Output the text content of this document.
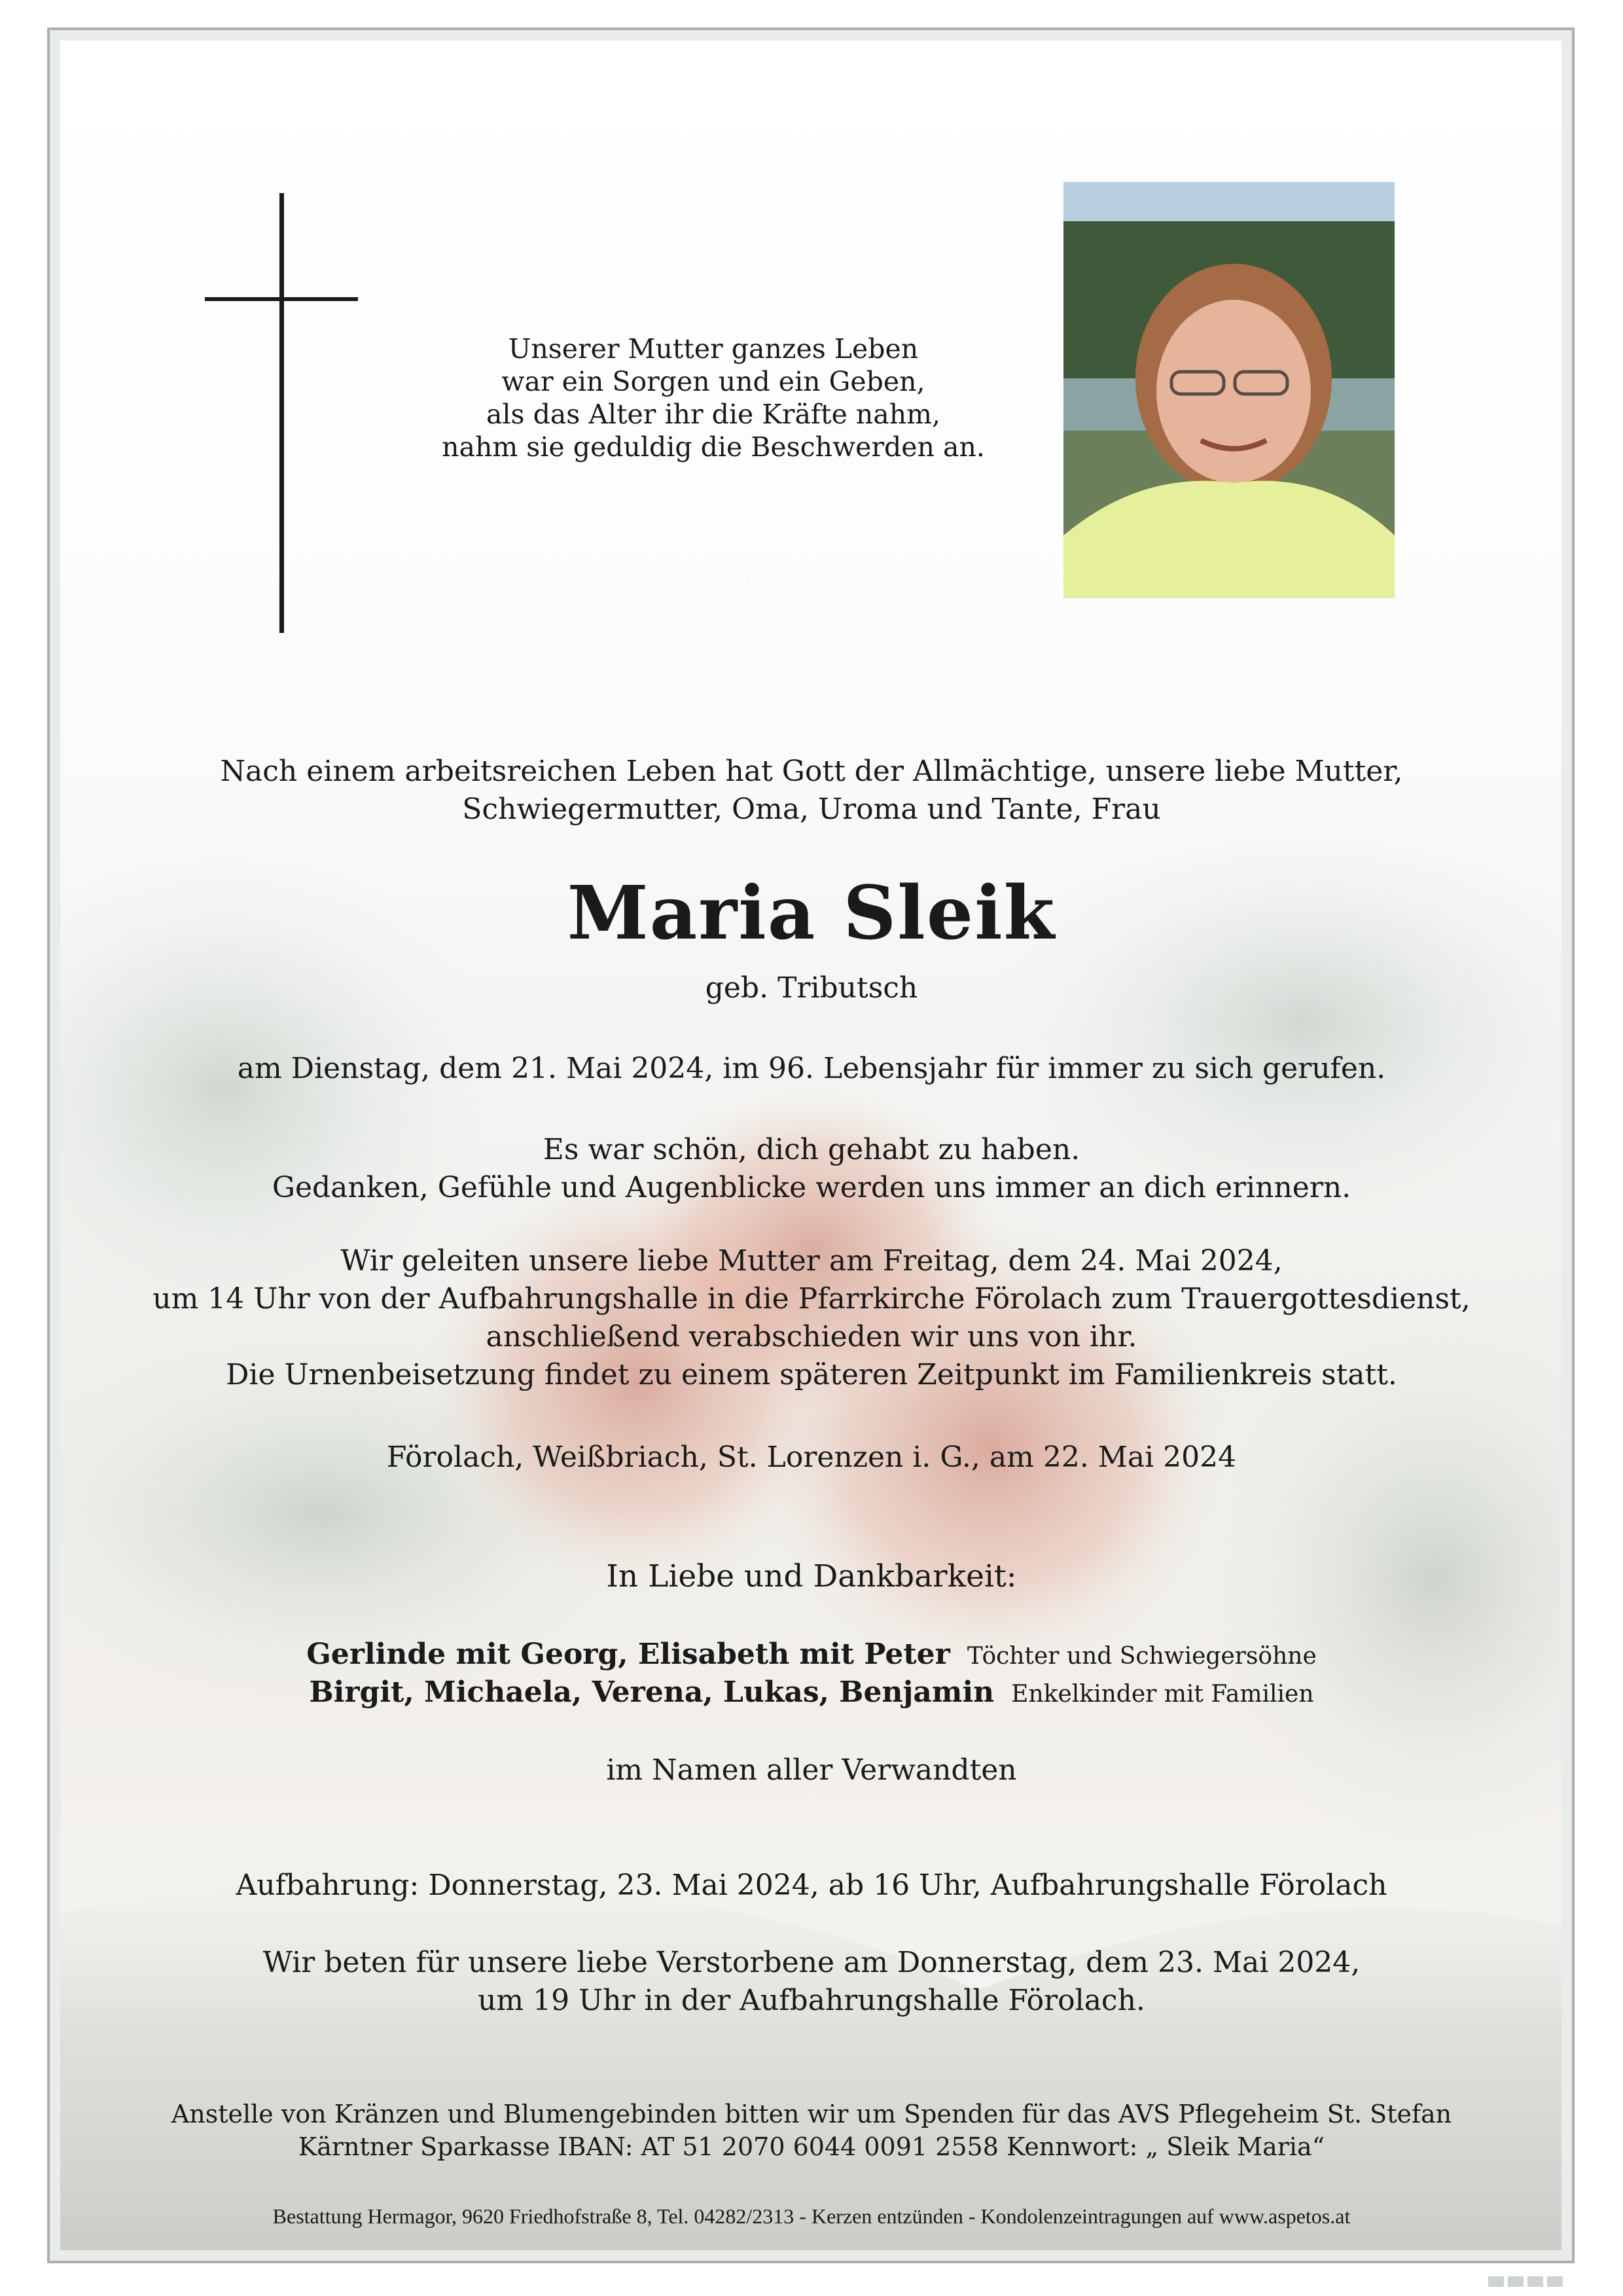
Unserer Mutter ganzes Leben
war ein Sorgen und ein Geben,
als das Alter ihr die Kräfte nahm,
nahm sie geduldig die Beschwerden an.
Nach einem arbeitsreichen Leben hat Gott der Allmächtige, unsere liebe Mutter,
Schwiegermutter, Oma, Uroma und Tante, Frau
Maria Sleik
geb. Tributsch
am Dienstag, dem 21. Mai 2024, im 96. Lebensjahr für immer zu sich gerufen.
Es war schön, dich gehabt zu haben.
Gedanken, Gefühle und Augenblicke werden uns immer an dich erinnern.
Wir geleiten unsere liebe Mutter am Freitag, dem 24. Mai 2024,
um 14 Uhr von der Aufbahrungshalle in die Pfarrkirche Förolach zum Trauergottesdienst,
anschließend verabschieden wir uns von ihr.
Die Urnenbeisetzung findet zu einem späteren Zeitpunkt im Familienkreis statt.
Förolach, Weißbriach, St. Lorenzen i. G., am 22. Mai 2024
In Liebe und Dankbarkeit:
Gerlinde mit Georg, Elisabeth mit Peter Töchter und Schwiegersöhne
Birgit, Michaela, Verena, Lukas, Benjamin Enkelkinder mit Familien
im Namen aller Verwandten
Aufbahrung: Donnerstag, 23. Mai 2024, ab 16 Uhr, Aufbahrungshalle Förolach
Wir beten für unsere liebe Verstorbene am Donnerstag, dem 23. Mai 2024,
um 19 Uhr in der Aufbahrungshalle Förolach.
Anstelle von Kränzen und Blumengebinden bitten wir um Spenden für das AVS Pflegeheim St. Stefan
Kärntner Sparkasse IBAN: AT 51 2070 6044 0091 2558 Kennwort: „ Sleik Maria“
Bestattung Hermagor, 9620 Friedhofstraße 8, Tel. 04282/2313 - Kerzen entzünden - Kondolenzeintragungen auf www.aspetos.at
